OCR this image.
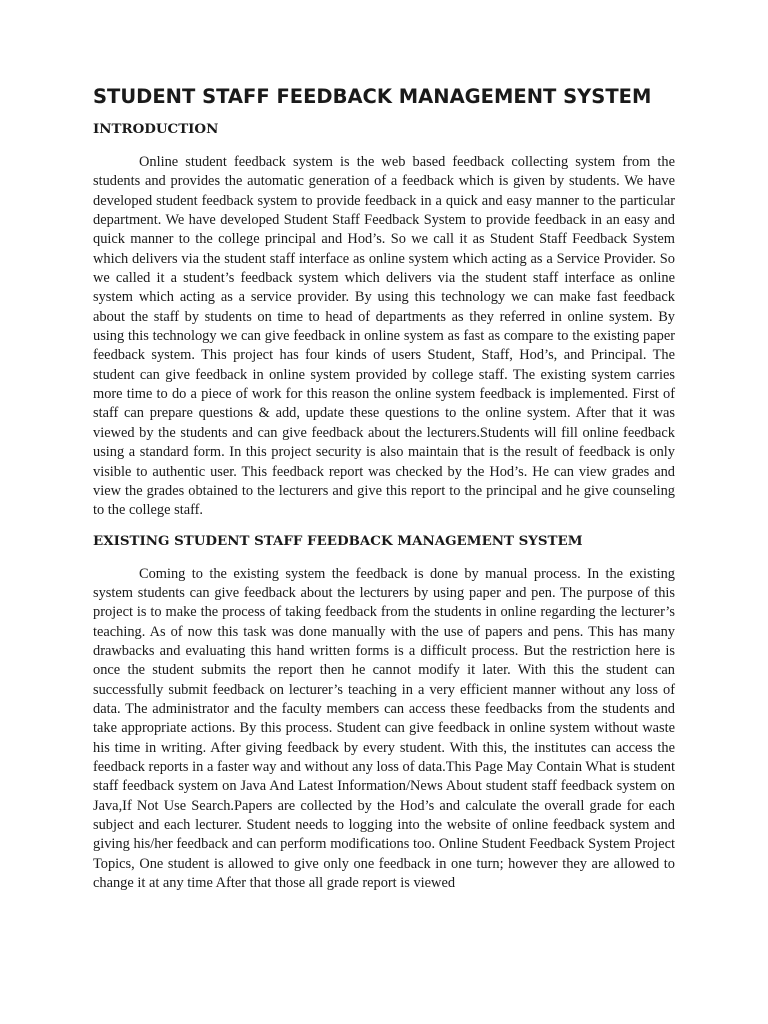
STUDENT STAFF FEEDBACK MANAGEMENT SYSTEM
INTRODUCTION

Online student feedback system is the web based feedback collecting system from the students and provides the automatic generation of a feedback which is given by students. We have developed student feedback system to provide feedback in a quick and easy manner to the particular department. We have developed Student Staff Feedback System to provide feedback in an easy and quick manner to the college principal and Hod’s. So we call it as Student Staff Feedback System which delivers via the student staff interface as online system which acting as a Service Provider. So we called it a student’s feedback system which delivers via the student staff interface as online system which acting as a service provider. By using this technology we can make fast feedback about the staff by students on time to head of departments as they referred in online system. By using this technology we can give feedback in online system as fast as compare to the existing paper feedback system. This project has four kinds of users Student, Staff, Hod’s, and Principal. The student can give feedback in online system provided by college staff. The existing system carries more time to do a piece of work for this reason the online system feedback is implemented. First of staff can prepare questions & add, update these questions to the online system. After that it was viewed by the students and can give feedback about the lecturers.Students will fill online feedback using a standard form. In this project security is also maintain that is the result of feedback is only visible to authentic user. This feedback report was checked by the Hod’s. He can view grades and view the grades obtained to the lecturers and give this report to the principal and he give counseling to the college staff.

EXISTING STUDENT STAFF FEEDBACK MANAGEMENT SYSTEM

Coming to the existing system the feedback is done by manual process. In the existing system students can give feedback about the lecturers by using paper and pen. The purpose of this project is to make the process of taking feedback from the students in online regarding the lecturer’s teaching. As of now this task was done manually with the use of papers and pens. This has many drawbacks and evaluating this hand written forms is a difficult process. But the restriction here is once the student submits the report then he cannot modify it later. With this the student can successfully submit feedback on lecturer’s teaching in a very efficient manner without any loss of data. The administrator and the faculty members can access these feedbacks from the students and take appropriate actions. By this process. Student can give feedback in online system without waste his time in writing. After giving feedback by every student. With this, the institutes can access the feedback reports in a faster way and without any loss of data.This Page May Contain What is student staff feedback system on Java And Latest Information/News About student staff feedback system on Java,If Not Use Search.Papers are collected by the Hod’s and calculate the overall grade for each subject and each lecturer. Student needs to logging into the website of online feedback system and giving his/her feedback and can perform modifications too. Online Student Feedback System Project Topics, One student is allowed to give only one feedback in one turn; however they are allowed to change it at any time After that those all grade report is viewed
